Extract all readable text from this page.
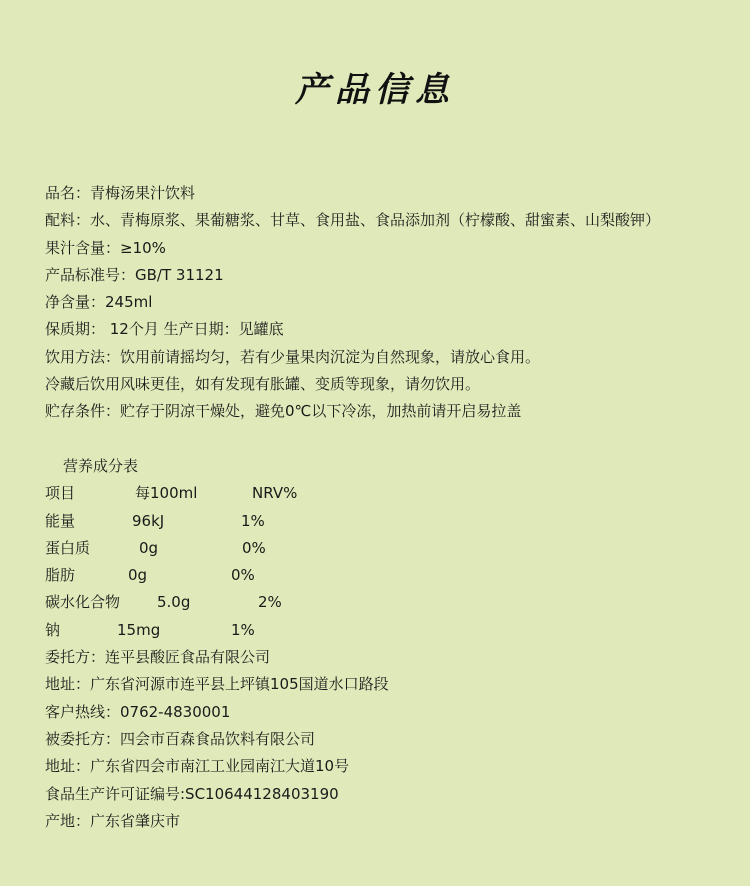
产品信息
品名：青梅汤果汁饮料
配料：水、青梅原浆、果葡糖浆、甘草、食用盐、食品添加剂（柠檬酸、甜蜜素、山梨酸钾）
果汁含量：≥10%
产品标准号：GB/T 31121
净含量：245ml
保质期： 12个月 生产日期：见罐底
饮用方法：饮用前请摇均匀，若有少量果肉沉淀为自然现象，请放心食用。
冷藏后饮用风味更佳，如有发现有胀罐、变质等现象，请勿饮用。
贮存条件：贮存于阴凉干燥处，避免0℃以下冷冻，加热前请开启易拉盖
营养成分表
项目	每100ml	NRV%
能量	96kJ	1%
蛋白质	0g	0%
脂肪	0g	0%
碳水化合物 5.0g	2%
钠	15mg	1%
委托方：连平县酸匠食品有限公司
地址：广东省河源市连平县上坪镇105国道水口路段
客户热线：0762-4830001
被委托方：四会市百森食品饮料有限公司
地址：广东省四会市南江工业园南江大道10号
食品生产许可证编号:SC10644128403190
产地：广东省肇庆市
